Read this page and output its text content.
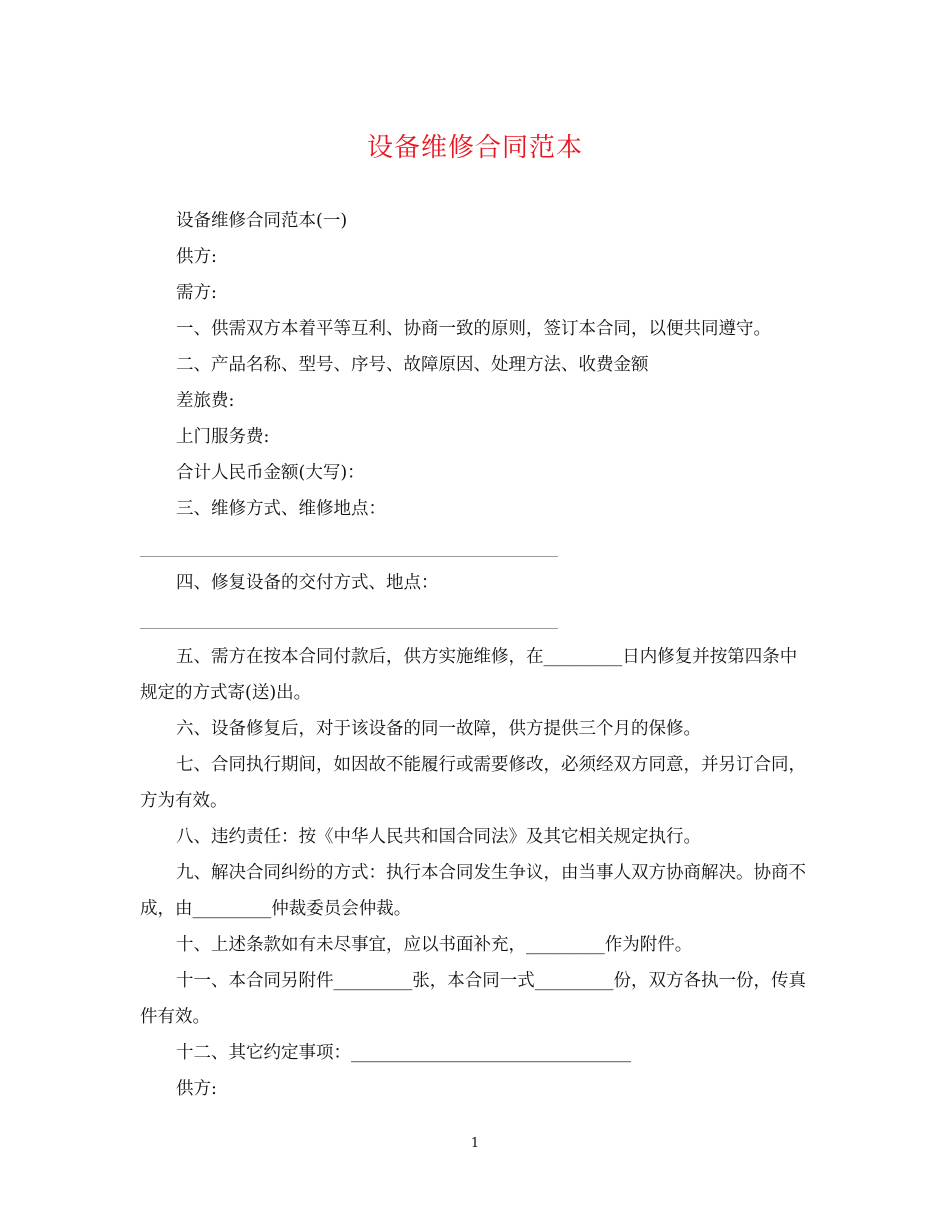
设备维修合同范本
设备维修合同范本(一)
供方:
需方:
一、供需双方本着平等互利、协商一致的原则，签订本合同，以便共同遵守。
二、产品名称、型号、序号、故障原因、处理方法、收费金额
差旅费:
上门服务费:
合计人民币金额(大写)：
三、维修方式、维修地点：
四、修复设备的交付方式、地点：
五、需方在按本合同付款后，供方实施维修，在_________日内修复并按第四条中规定的方式寄(送)出。
六、设备修复后，对于该设备的同一故障，供方提供三个月的保修。
七、合同执行期间，如因故不能履行或需要修改，必须经双方同意，并另订合同，方为有效。
八、违约责任：按《中华人民共和国合同法》及其它相关规定执行。
九、解决合同纠纷的方式：执行本合同发生争议，由当事人双方协商解决。协商不成，由_________仲裁委员会仲裁。
十、上述条款如有未尽事宜，应以书面补充，_________作为附件。
十一、本合同另附件_________张，本合同一式_________份，双方各执一份，传真件有效。
十二、其它约定事项：________________________________
供方:
1
